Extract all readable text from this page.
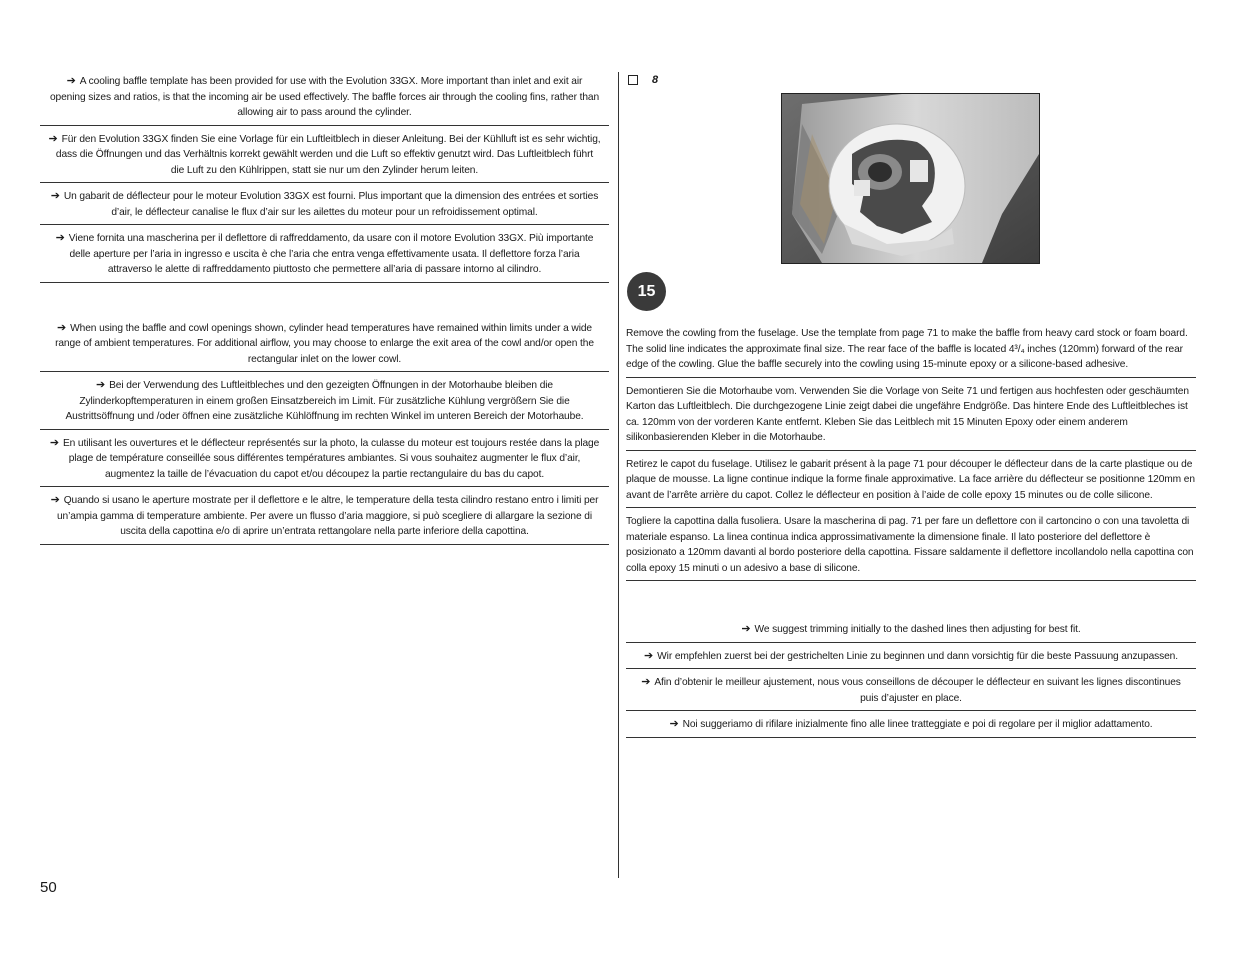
➔ A cooling baffle template has been provided for use with the Evolution 33GX. More important than inlet and exit air opening sizes and ratios, is that the incoming air be used effectively. The baffle forces air through the cooling fins, rather than allowing air to pass around the cylinder.
➔ Für den Evolution 33GX finden Sie eine Vorlage für ein Luftleitblech in dieser Anleitung. Bei der Kühlluft ist es sehr wichtig, dass die Öffnungen und das Verhältnis korrekt gewählt werden und die Luft so effektiv genutzt wird. Das Luftleitblech führt die Luft zu den Kühlrippen, statt sie nur um den Zylinder herum leiten.
➔ Un gabarit de déflecteur pour le moteur Evolution 33GX est fourni. Plus important que la dimension des entrées et sorties d’air, le déflecteur canalise le flux d’air sur les ailettes du moteur pour un refroidissement optimal.
➔ Viene fornita una mascherina per il deflettore di raffreddamento, da usare con il motore Evolution 33GX. Più importante delle aperture per l’aria in ingresso e uscita è che l’aria che entra venga effettivamente usata. Il deflettore forza l’aria attraverso le alette di raffreddamento piuttosto che permettere all’aria di passare intorno al cilindro.
➔ When using the baffle and cowl openings shown, cylinder head temperatures have remained within limits under a wide range of ambient temperatures. For additional airflow, you may choose to enlarge the exit area of the cowl and/or open the rectangular inlet on the lower cowl.
➔ Bei der Verwendung des Luftleitbleches und den gezeigten Öffnungen in der Motorhaube bleiben die Zylinderkopftemperaturen in einem großen Einsatzbereich im Limit. Für zusätzliche Kühlung vergrößern Sie die Austrittsöffnung und /oder öffnen eine zusätzliche Kühlöffnung im rechten Winkel im unteren Bereich der Motorhaube.
➔ En utilisant les ouvertures et le déflecteur représentés sur la photo, la culasse du moteur est toujours restée dans la plage plage de température conseillée sous différentes températures ambiantes. Si vous souhaitez augmenter le flux d’air, augmentez la taille de l’évacuation du capot et/ou découpez la partie rectangulaire du bas du capot.
➔ Quando si usano le aperture mostrate per il deflettore e le altre, le temperature della testa cilindro restano entro i limiti per un’ampia gamma di temperature ambiente. Per avere un flusso d’aria maggiore, si può scegliere di allargare la sezione di uscita della capottina e/o di aprire un’entrata rettangolare nella parte inferiore della capottina.
8
15
Remove the cowling from the fuselage. Use the template from page 71 to make the baffle from heavy card stock or foam board. The solid line indicates the approximate final size. The rear face of the baffle is located 4³/₄ inches (120mm) forward of the rear edge of the cowling. Glue the baffle securely into the cowling using 15-minute epoxy or a silicone-based adhesive.
Demontieren Sie die Motorhaube vom. Verwenden Sie die Vorlage von Seite 71 und fertigen aus hochfesten oder geschäumten Karton das Luftleitblech. Die durchgezogene Linie zeigt dabei die ungefähre Endgröße. Das hintere Ende des Luftleitbleches ist ca. 120mm von der vorderen Kante entfernt. Kleben Sie das Leitblech mit 15 Minuten Epoxy oder einem anderem silikonbasierenden Kleber in die Motorhaube.
Retirez le capot du fuselage. Utilisez le gabarit présent à la page 71 pour découper le déflecteur dans de la carte plastique ou de plaque de mousse. La ligne continue indique la forme finale approximative. La face arrière du déflecteur se positionne 120mm en avant de l’arrête arrière du capot. Collez le déflecteur en position à l’aide de colle epoxy 15 minutes ou de colle silicone.
Togliere la capottina dalla fusoliera. Usare la mascherina di pag. 71 per fare un deflettore con il cartoncino o con una tavoletta di materiale espanso. La linea continua indica approssimativamente la dimensione finale. Il lato posteriore del deflettore è posizionato a 120mm davanti al bordo posteriore della capottina. Fissare saldamente il deflettore incollandolo nella capottina con colla epoxy 15 minuti o un adesivo a base di silicone.
➔ We suggest trimming initially to the dashed lines then adjusting for best fit.
➔ Wir empfehlen zuerst bei der gestrichelten Linie zu beginnen und dann vorsichtig für die beste Passuung anzupassen.
➔ Afin d’obtenir le meilleur ajustement, nous vous conseillons de découper le déflecteur en suivant les lignes discontinues puis d’ajuster en place.
➔ Noi suggeriamo di rifilare inizialmente fino alle linee tratteggiate e poi di regolare per il miglior adattamento.
50
